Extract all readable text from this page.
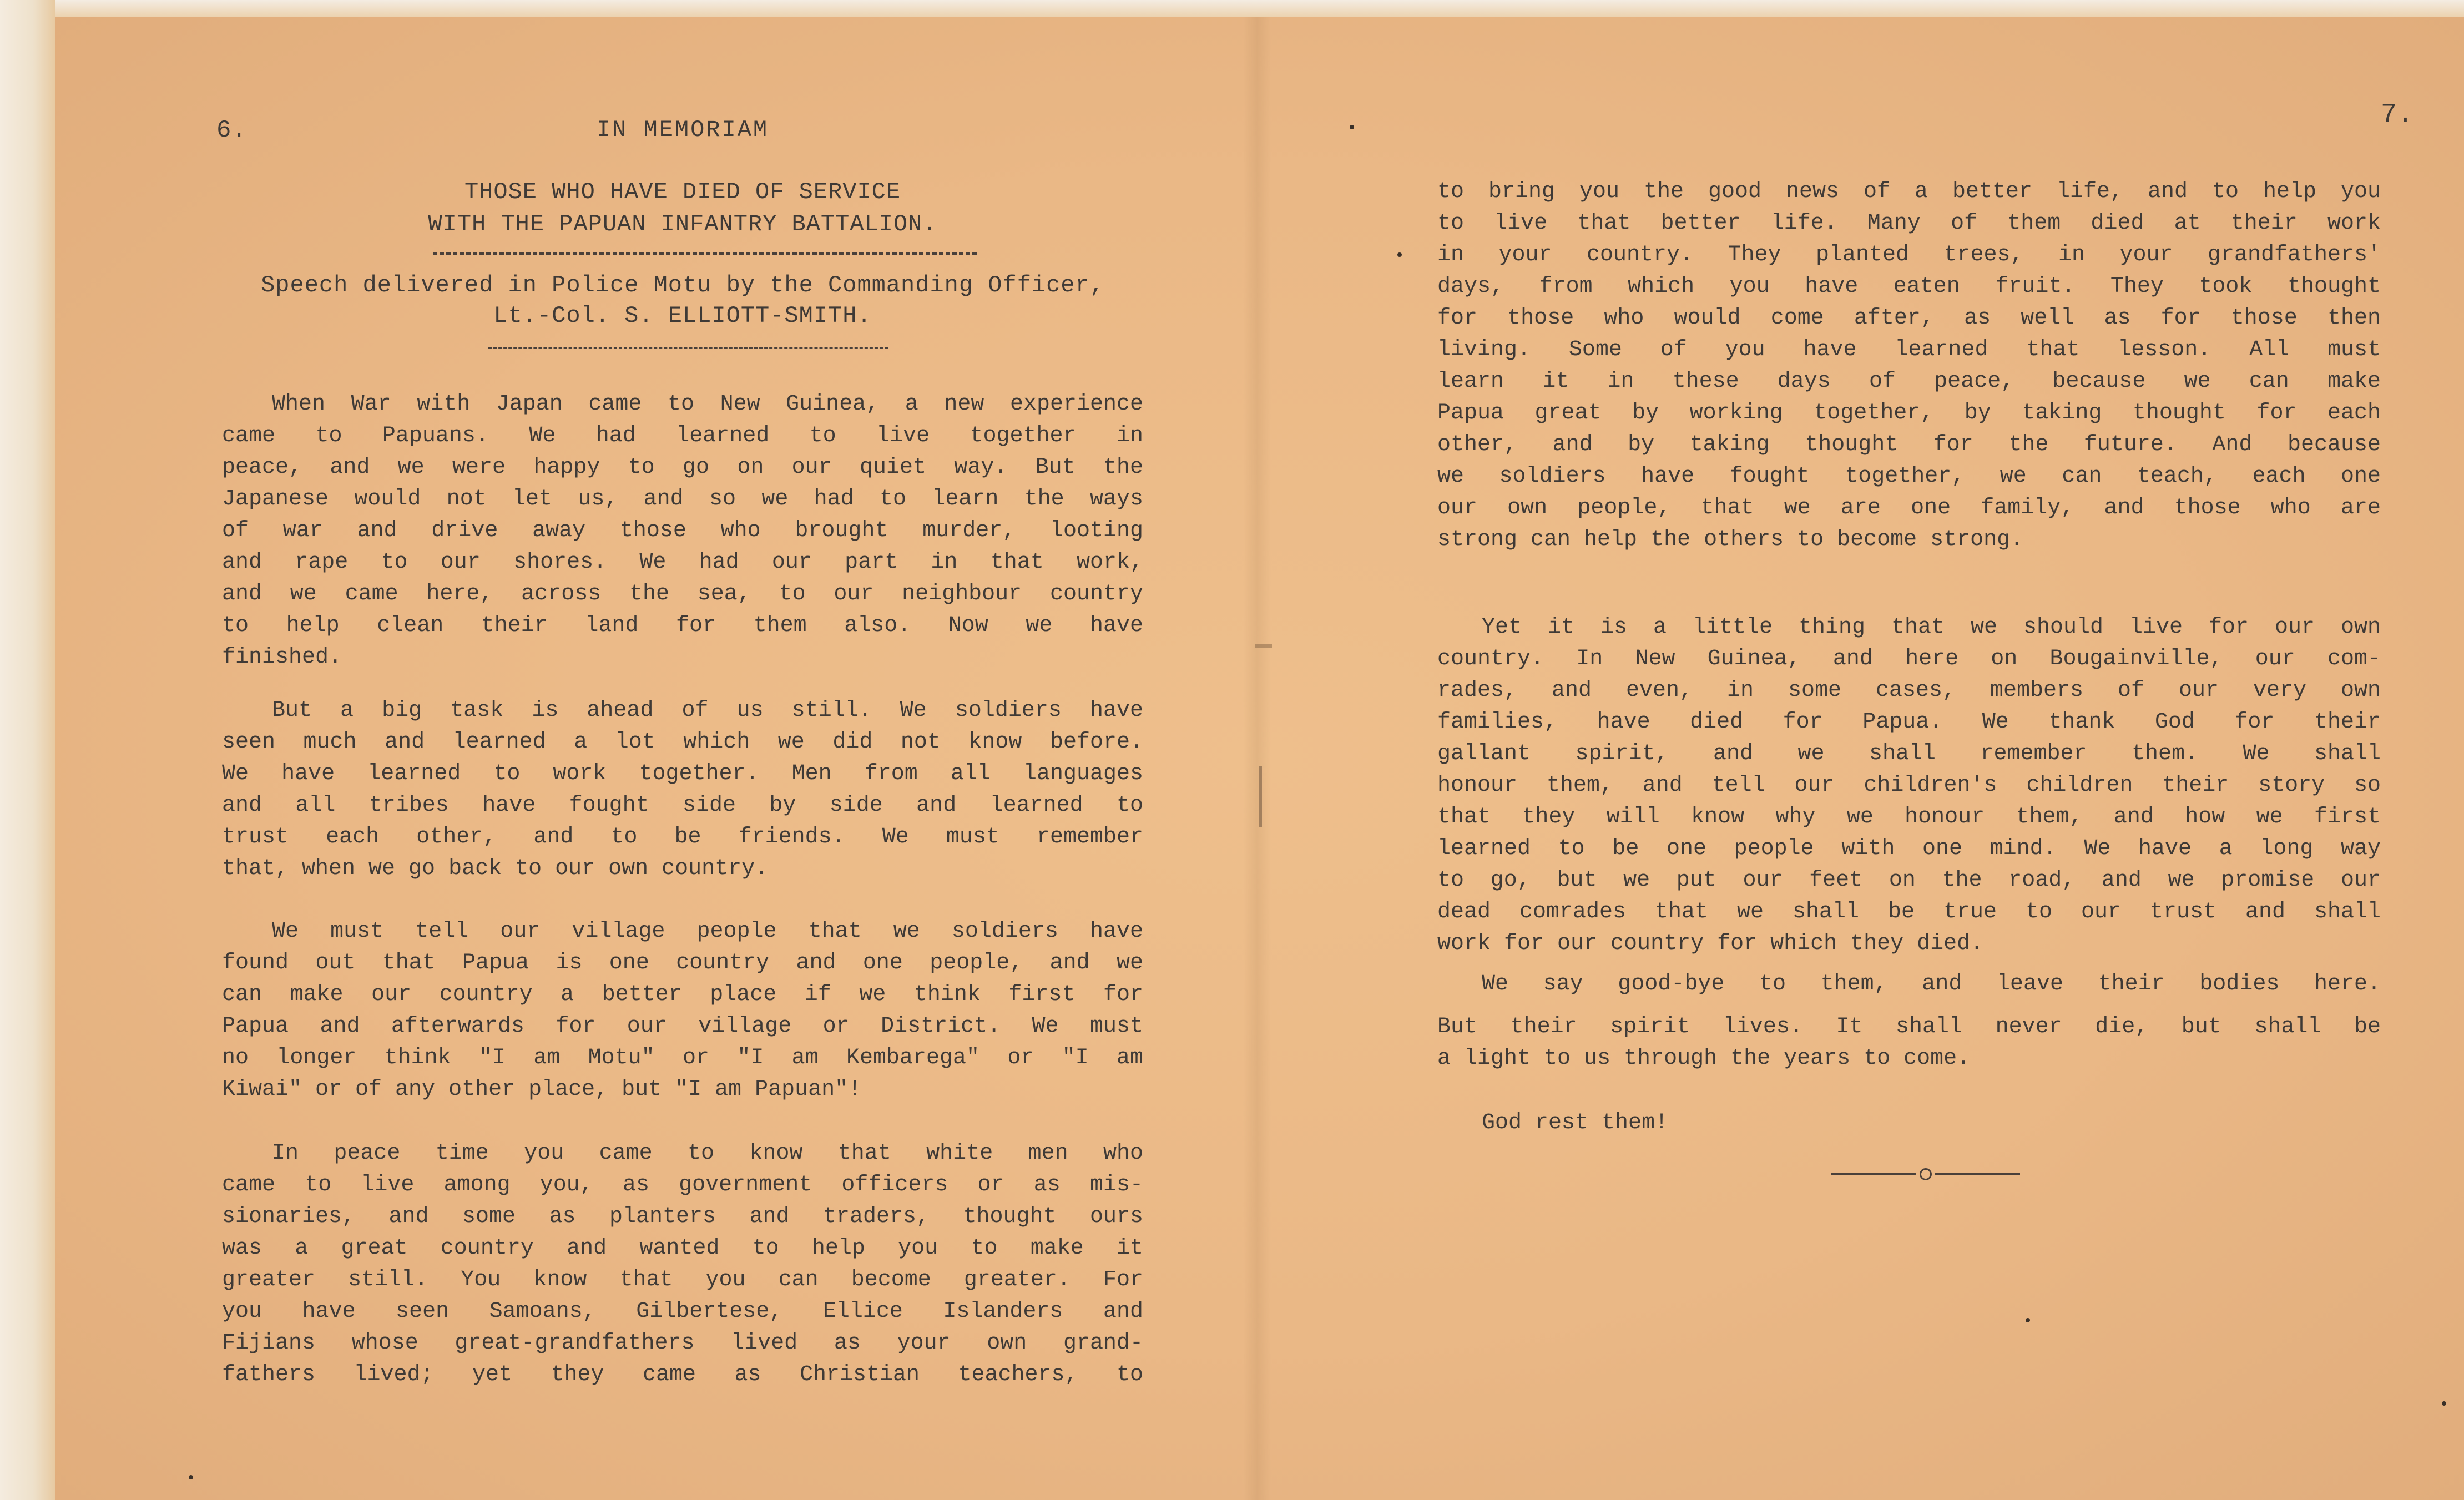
6.	IN MEMORIAM
THOSE WHO HAVE DIED OF SERVICE
WITH THE PAPUAN INFANTRY BATTALION.
Speech delivered in Police Motu by the Commanding Officer,
Lt.-Col. S. ELLIOTT-SMITH.
When War with Japan came to New Guinea, a new experience
came to Papuans. We had learned to live together in
peace, and we were happy to go on our quiet way. But the
Japanese would not let us, and so we had to learn the ways
of war and drive away those who brought murder, looting
and rape to our shores. We had our part in that work,
and we came here, across the sea, to our neighbour country
to help clean their land for them also. Now we have
finished.
But a big task is ahead of us still. We soldiers have
seen much and learned a lot which we did not know before.
We have learned to work together. Men from all languages
and all tribes have fought side by side and learned to
trust each other, and to be friends. We must remember
that, when we go back to our own country.
We must tell our village people that we soldiers have
found out that Papua is one country and one people, and we
can make our country a better place if we think first for
Papua and afterwards for our village or District. We must
no longer think "I am Motu" or "I am Kembarega" or "I am
Kiwai" or of any other place, but "I am Papuan"!
In peace time you came to know that white men who
came to live among you, as government officers or as mis-
sionaries, and some as planters and traders, thought ours
was a great country and wanted to help you to make it
greater still. You know that you can become greater. For
you have seen Samoans, Gilbertese, Ellice Islanders and
Fijians whose great-grandfathers lived as your own grand-
fathers lived; yet they came as Christian teachers, to
7.
to bring you the good news of a better life, and to help you
to live that better life. Many of them died at their work
in your country. They planted trees, in your grandfathers'
days, from which you have eaten fruit. They took thought
for those who would come after, as well as for those then
living. Some of you have learned that lesson. All must
learn it in these days of peace, because we can make
Papua great by working together, by taking thought for each
other, and by taking thought for the future. And because
we soldiers have fought together, we can teach, each one
our own people, that we are one family, and those who are
strong can help the others to become strong.
Yet it is a little thing that we should live for our own
country. In New Guinea, and here on Bougainville, our com-
rades, and even, in some cases, members of our very own
families, have died for Papua. We thank God for their
gallant spirit, and we shall remember them. We shall
honour them, and tell our children's children their story so
that they will know why we honour them, and how we first
learned to be one people with one mind. We have a long way
to go, but we put our feet on the road, and we promise our
dead comrades that we shall be true to our trust and shall
work for our country for which they died.
We say good-bye to them, and leave their bodies here.
But their spirit lives. It shall never die, but shall be
a light to us through the years to come.
God rest them!
